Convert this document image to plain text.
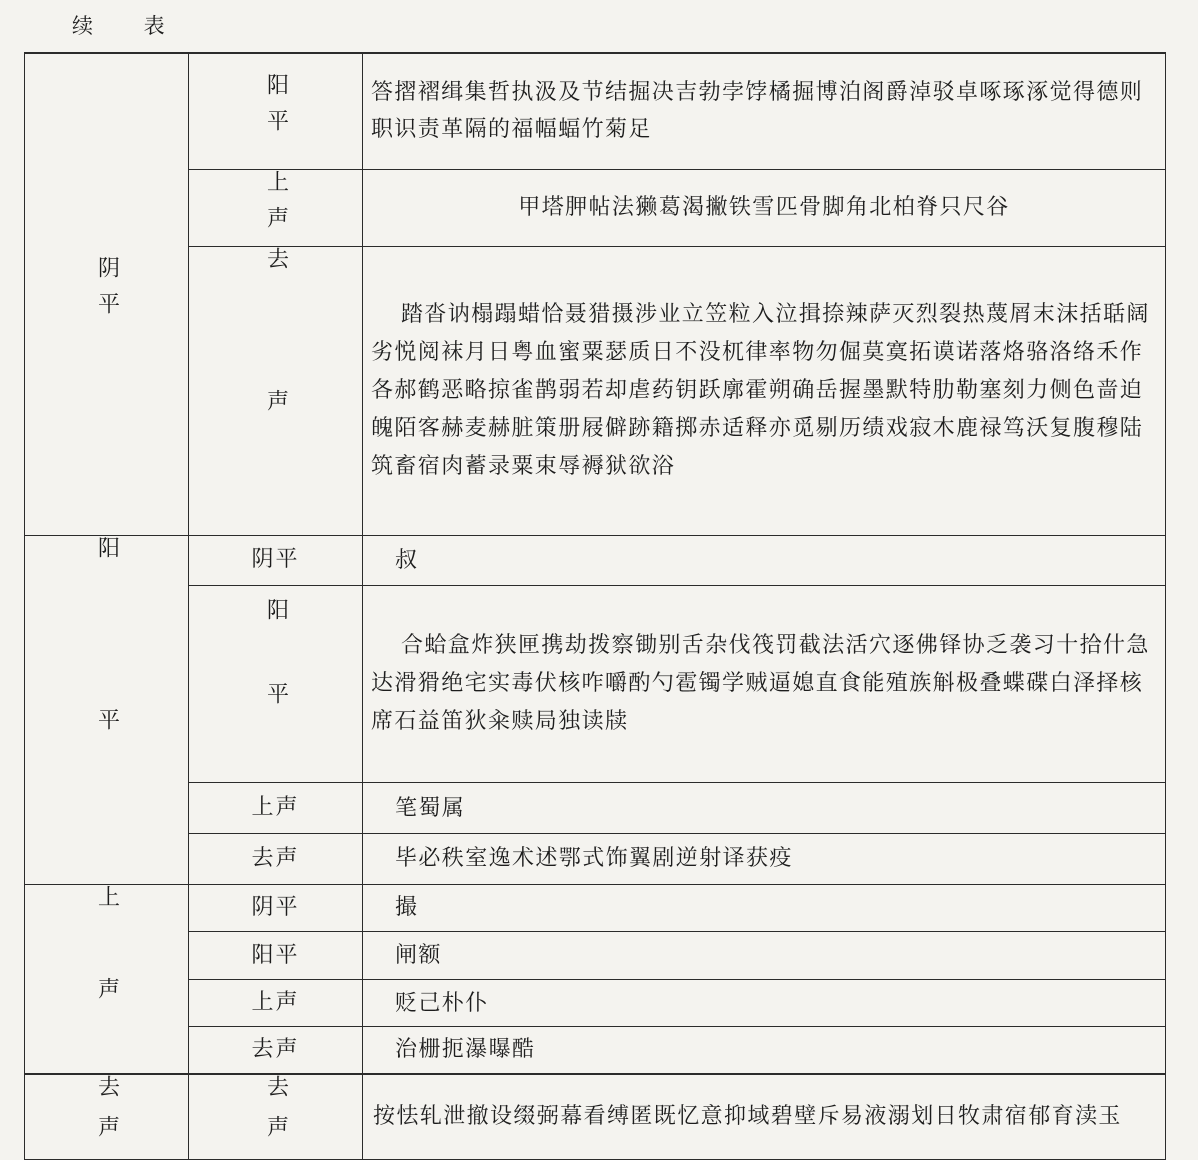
续 表
阴平	阳平	答摺褶缉集哲执汲及节结掘决吉勃孛饽橘掘博泊阁爵淖驳卓啄琢涿觉得德则职识责革隔的福幅蝠竹菊足

	上声	甲塔胛帖法獭葛渴撇铁雪匹骨脚角北柏脊只尺谷

	去声	踏沓讷榻蹋蜡恰聂猎摄涉业立笠粒入泣揖捺辣萨灭烈裂热蔑屑末沫括聒阔劣悦阅袜月日粤血蜜粟瑟质日不没杌律率物勿倔莫寞拓谟诺落烙骆洛络禾作各郝鹤恶略掠雀鹊弱若却虐药钥跃廓霍朔确岳握墨默特肋勒塞刻力侧色啬迫魄陌客赫麦赫脏策册屐僻跡籍掷赤适释亦觅剔历绩戏寂木鹿禄笃沃复腹穆陆筑畜宿肉蓄录粟束辱褥狱欲浴

阳平	阴平	叔

	阳平	合蛤盒炸狭匣携劫拨察锄别舌杂伐筏罚截法活穴逐佛铎协乏袭习十拾什急达滑猾绝宅实毒伏核咋嚼酌勺雹镯学贼逼媳直食能殖族斛极叠蝶碟白泽择核席石益笛狄籴赎局独读牍

	上声	笔蜀属

	去声	毕必秩室逸术述鄂式饰翼剧逆射译获疫

上声	阴平	撮

	阳平	闸额

	上声	贬己朴仆

	去声	治栅扼瀑曝酷

去声	去声	按怯轧泄撤设缀弼幕看缚匿既忆意抑域碧壁斥易液溺划日牧肃宿郁育渎玉
